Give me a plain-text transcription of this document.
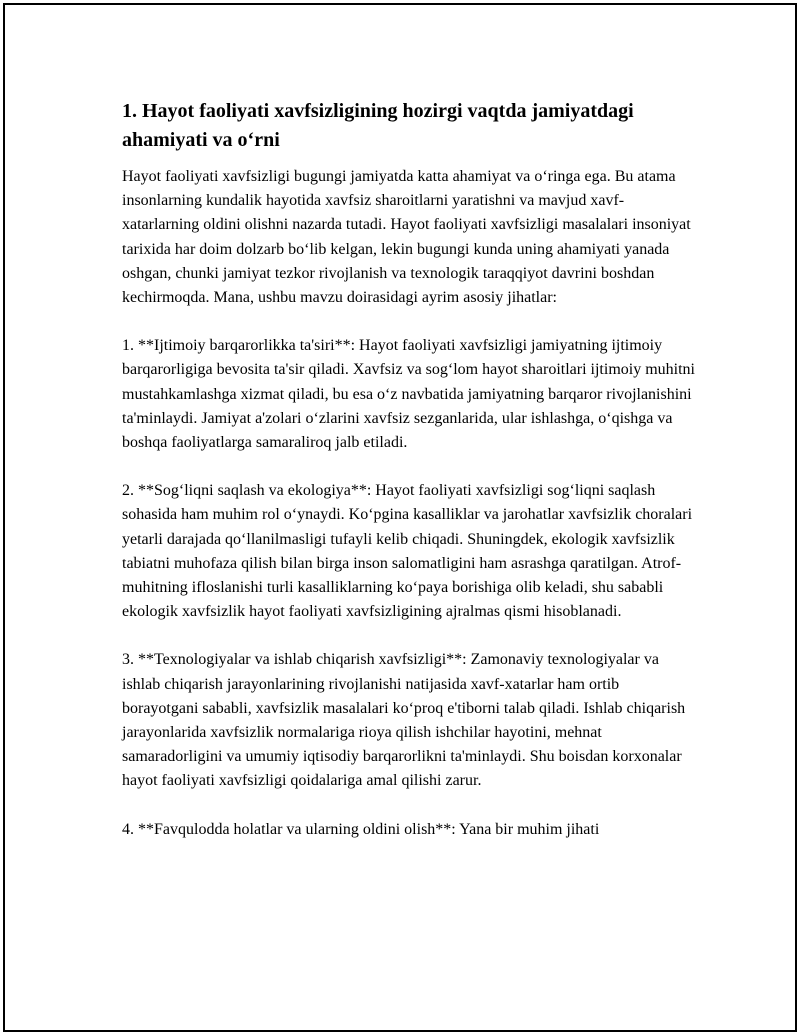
1. Hayot faoliyati xavfsizligining hozirgi vaqtda jamiyatdagi ahamiyati va o‘rni

Hayot faoliyati xavfsizligi bugungi jamiyatda katta ahamiyat va o‘ringa ega. Bu atama insonlarning kundalik hayotida xavfsiz sharoitlarni yaratishni va mavjud xavf-xatarlarning oldini olishni nazarda tutadi. Hayot faoliyati xavfsizligi masalalari insoniyat tarixida har doim dolzarb bo‘lib kelgan, lekin bugungi kunda uning ahamiyati yanada oshgan, chunki jamiyat tezkor rivojlanish va texnologik taraqqiyot davrini boshdan kechirmoqda. Mana, ushbu mavzu doirasidagi ayrim asosiy jihatlar:

1. **Ijtimoiy barqarorlikka ta'siri**: Hayot faoliyati xavfsizligi jamiyatning ijtimoiy barqarorligiga bevosita ta'sir qiladi. Xavfsiz va sog‘lom hayot sharoitlari ijtimoiy muhitni mustahkamlashga xizmat qiladi, bu esa o‘z navbatida jamiyatning barqaror rivojlanishini ta'minlaydi. Jamiyat a'zolari o‘zlarini xavfsiz sezganlarida, ular ishlashga, o‘qishga va boshqa faoliyatlarga samaraliroq jalb etiladi.

2. **Sog‘liqni saqlash va ekologiya**: Hayot faoliyati xavfsizligi sog‘liqni saqlash sohasida ham muhim rol o‘ynaydi. Ko‘pgina kasalliklar va jarohatlar xavfsizlik choralari yetarli darajada qo‘llanilmasligi tufayli kelib chiqadi. Shuningdek, ekologik xavfsizlik tabiatni muhofaza qilish bilan birga inson salomatligini ham asrashga qaratilgan. Atrof-muhitning ifloslanishi turli kasalliklarning ko‘paya borishiga olib keladi, shu sababli ekologik xavfsizlik hayot faoliyati xavfsizligining ajralmas qismi hisoblanadi.

3. **Texnologiyalar va ishlab chiqarish xavfsizligi**: Zamonaviy texnologiyalar va ishlab chiqarish jarayonlarining rivojlanishi natijasida xavf-xatarlar ham ortib borayotgani sababli, xavfsizlik masalalari ko‘proq e'tiborni talab qiladi. Ishlab chiqarish jarayonlarida xavfsizlik normalariga rioya qilish ishchilar hayotini, mehnat samaradorligini va umumiy iqtisodiy barqarorlikni ta'minlaydi. Shu boisdan korxonalar hayot faoliyati xavfsizligi qoidalariga amal qilishi zarur.

4. **Favqulodda holatlar va ularning oldini olish**: Yana bir muhim jihati
